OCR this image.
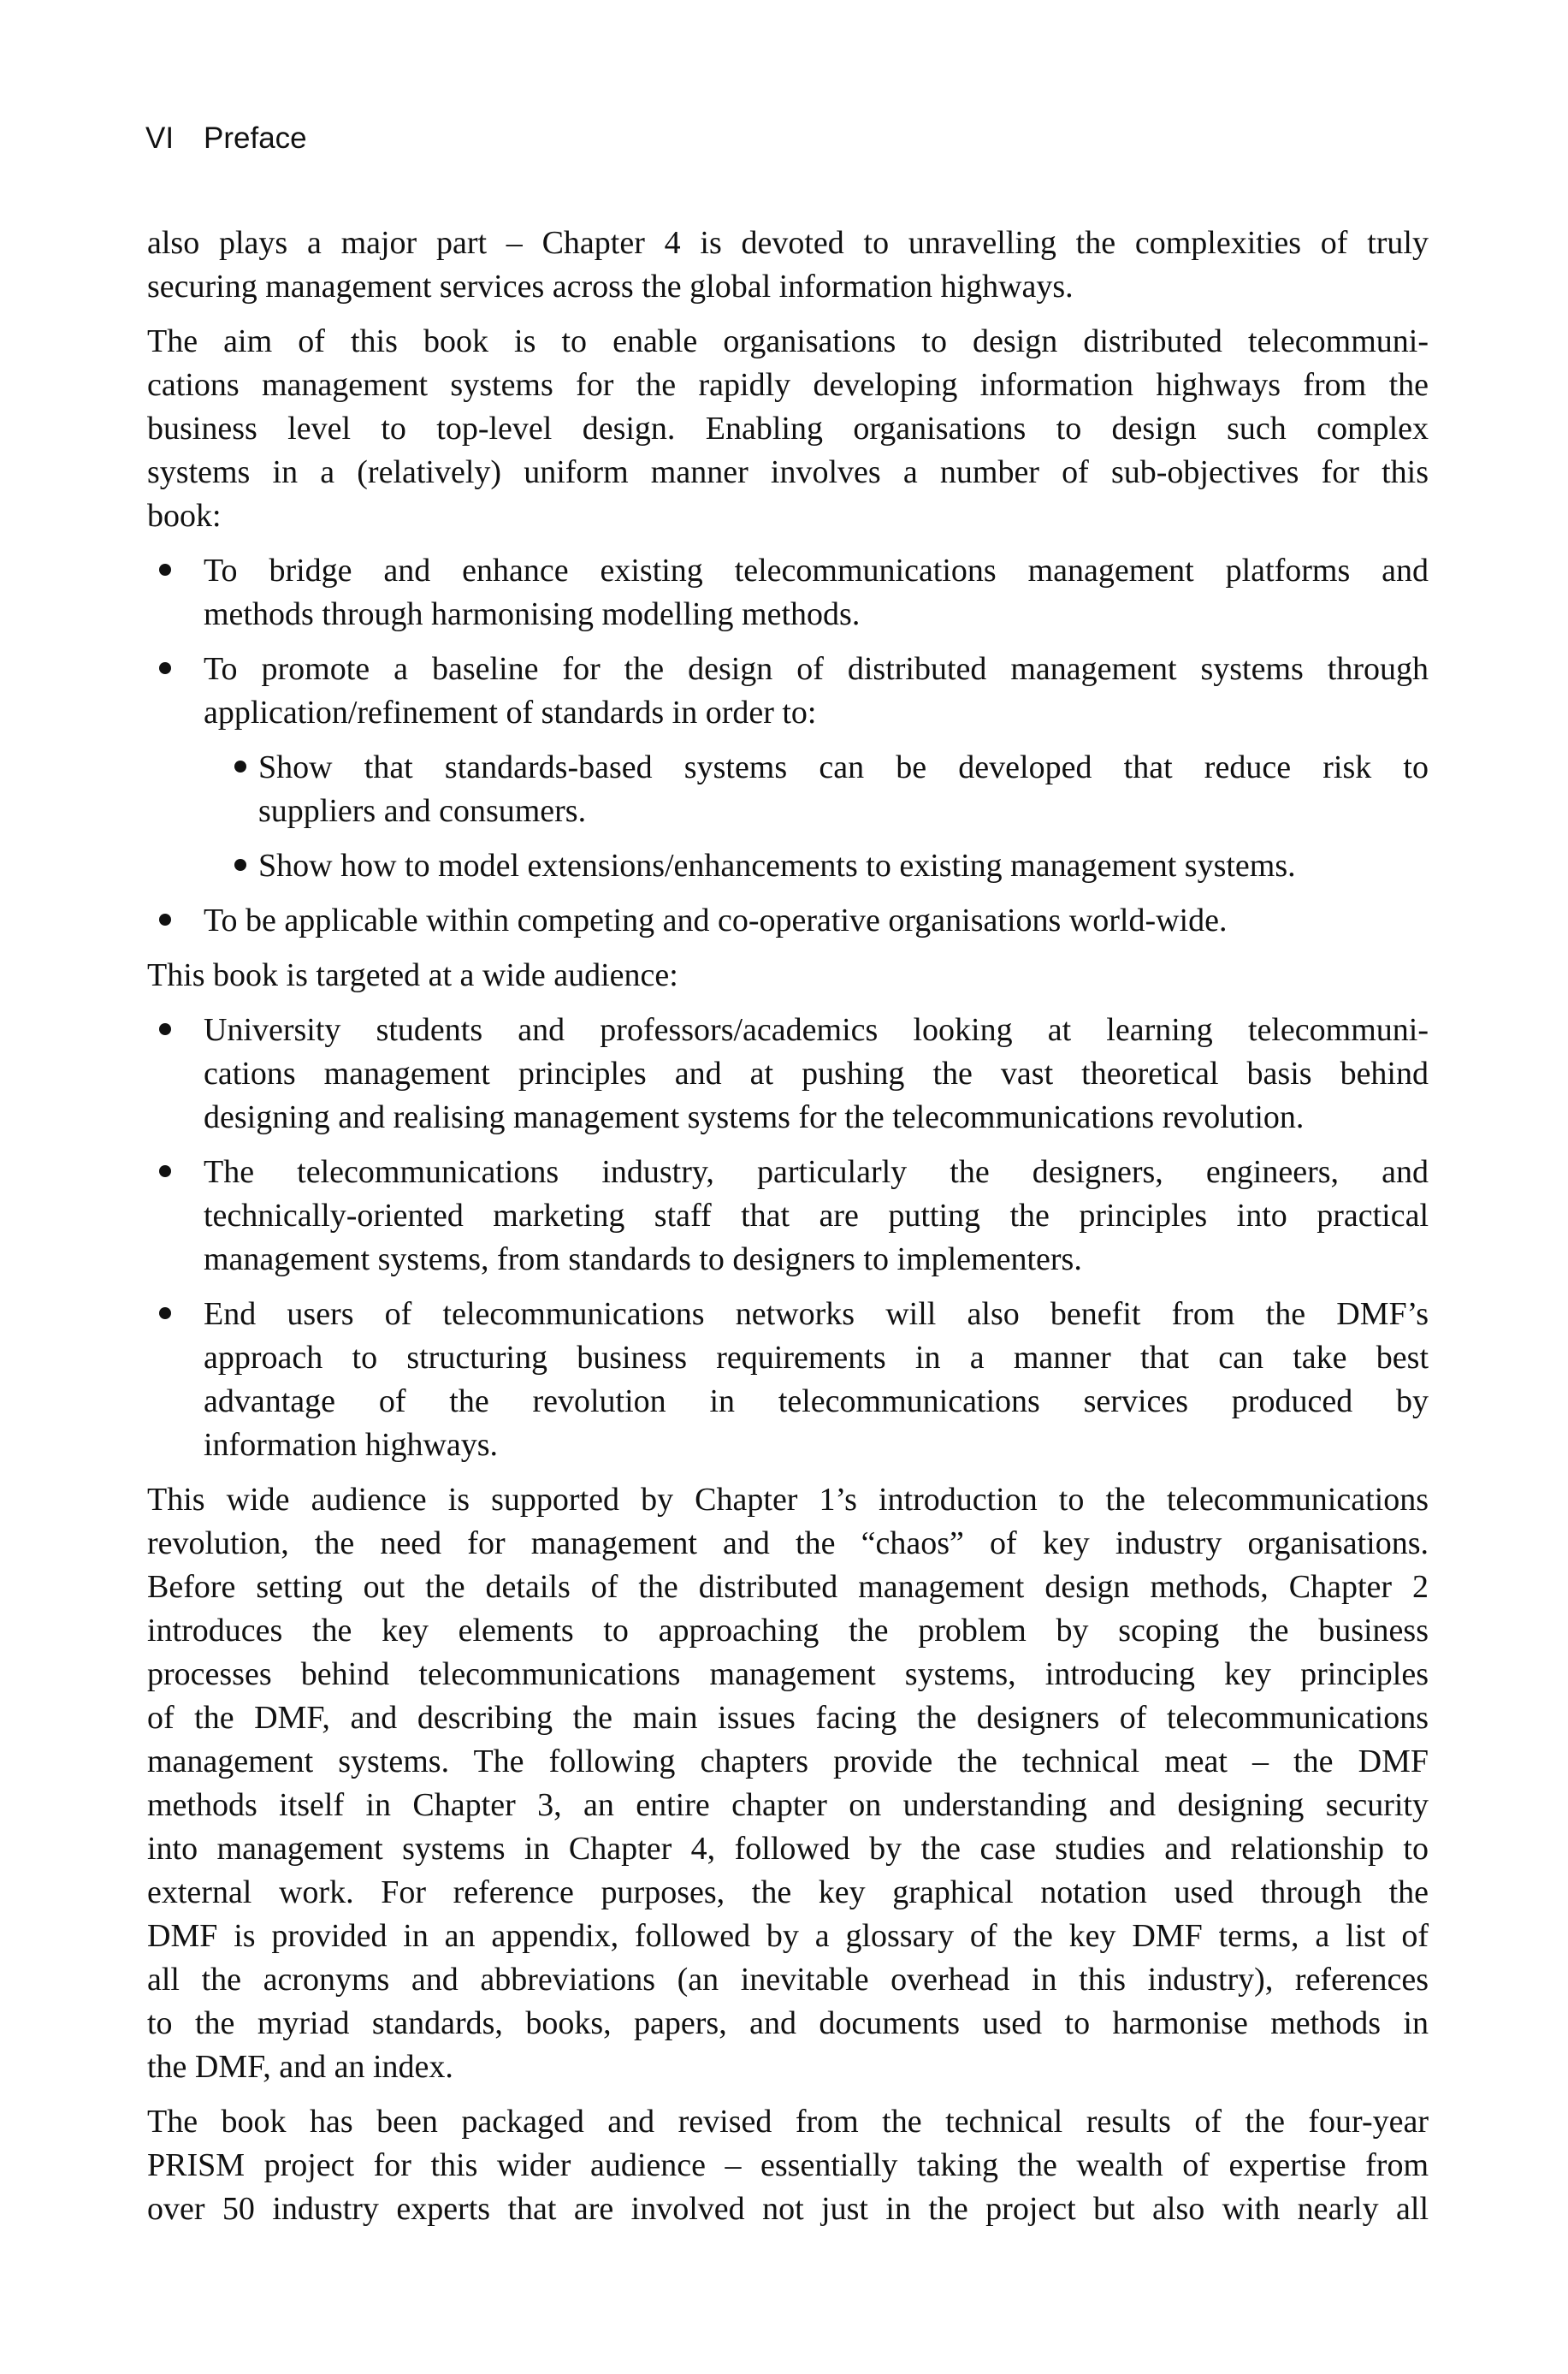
VI Preface
also plays a major part – Chapter 4 is devoted to unravelling the complexities of truly
securing management services across the global information highways.
The aim of this book is to enable organisations to design distributed telecommuni-
cations management systems for the rapidly developing information highways from the
business level to top-level design. Enabling organisations to design such complex
systems in a (relatively) uniform manner involves a number of sub-objectives for this
book:
To bridge and enhance existing telecommunications management platforms and
methods through harmonising modelling methods.
To promote a baseline for the design of distributed management systems through
application/refinement of standards in order to:
Show that standards-based systems can be developed that reduce risk to
suppliers and consumers.
Show how to model extensions/enhancements to existing management systems.
To be applicable within competing and co-operative organisations world-wide.
This book is targeted at a wide audience:
University students and professors/academics looking at learning telecommuni-
cations management principles and at pushing the vast theoretical basis behind
designing and realising management systems for the telecommunications revolution.
The telecommunications industry, particularly the designers, engineers, and
technically-oriented marketing staff that are putting the principles into practical
management systems, from standards to designers to implementers.
End users of telecommunications networks will also benefit from the DMF’s
approach to structuring business requirements in a manner that can take best
advantage of the revolution in telecommunications services produced by
information highways.
This wide audience is supported by Chapter 1’s introduction to the telecommunications
revolution, the need for management and the “chaos” of key industry organisations.
Before setting out the details of the distributed management design methods, Chapter 2
introduces the key elements to approaching the problem by scoping the business
processes behind telecommunications management systems, introducing key principles
of the DMF, and describing the main issues facing the designers of telecommunications
management systems. The following chapters provide the technical meat – the DMF
methods itself in Chapter 3, an entire chapter on understanding and designing security
into management systems in Chapter 4, followed by the case studies and relationship to
external work. For reference purposes, the key graphical notation used through the
DMF is provided in an appendix, followed by a glossary of the key DMF terms, a list of
all the acronyms and abbreviations (an inevitable overhead in this industry), references
to the myriad standards, books, papers, and documents used to harmonise methods in
the DMF, and an index.
The book has been packaged and revised from the technical results of the four-year
PRISM project for this wider audience – essentially taking the wealth of expertise from
over 50 industry experts that are involved not just in the project but also with nearly all
